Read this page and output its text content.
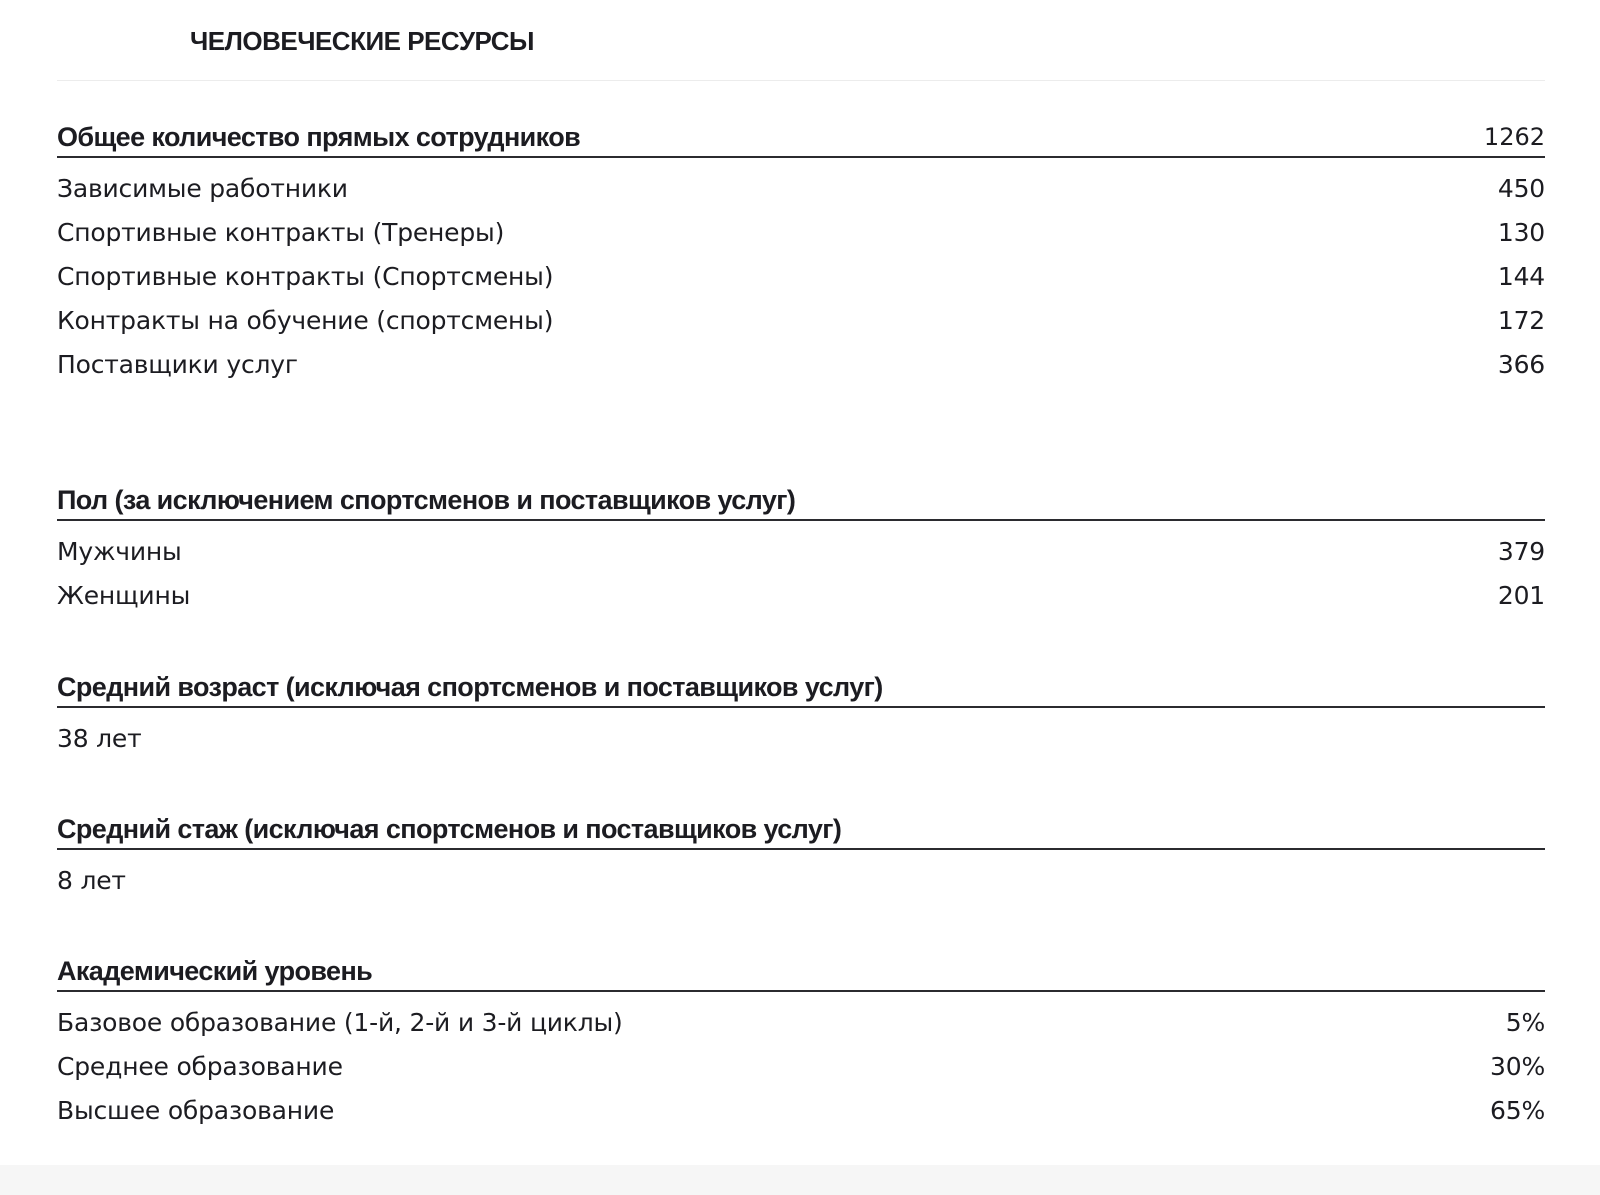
ЧЕЛОВЕЧЕСКИЕ РЕСУРСЫ
Общее количество прямых сотрудников	1262
Зависимые работники	450
Спортивные контракты (Тренеры)	130
Спортивные контракты (Спортсмены)	144
Контракты на обучение (спортсмены)	172
Поставщики услуг	366
Пол (за исключением спортсменов и поставщиков услуг)
Мужчины	379
Женщины	201
Средний возраст (исключая спортсменов и поставщиков услуг)
38 лет
Средний стаж (исключая спортсменов и поставщиков услуг)
8 лет
Академический уровень
Базовое образование (1-й, 2-й и 3-й циклы)	5%
Среднее образование	30%
Высшее образование	65%
